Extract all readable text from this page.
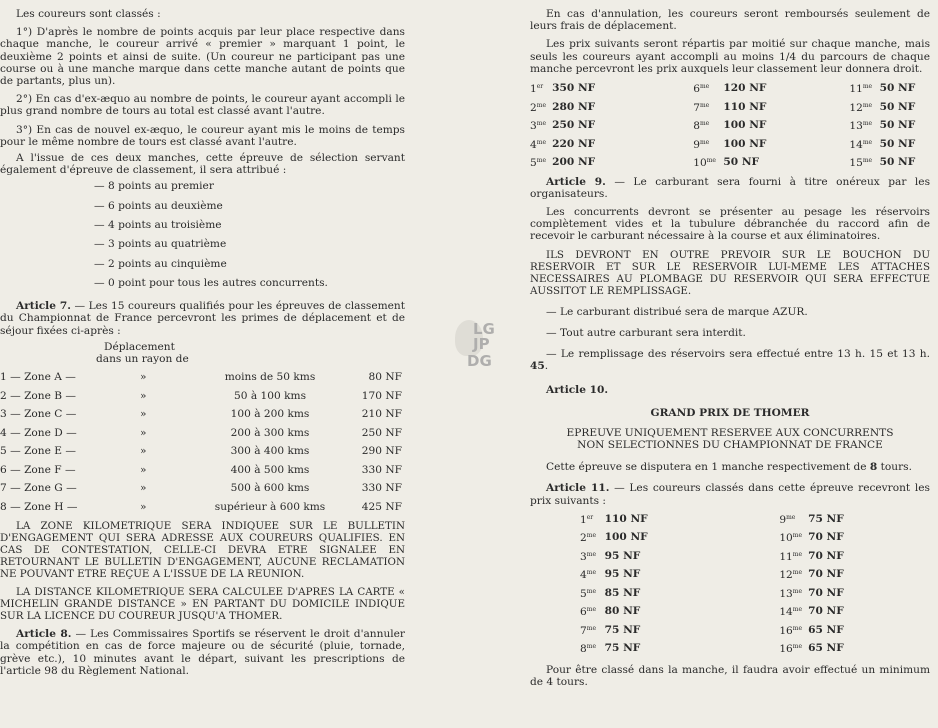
Les coureurs sont classés :

1°) D'après le nombre de points acquis par leur place respective dans chaque manche, le coureur arrivé « premier » marquant 1 point, le deuxième 2 points et ainsi de suite. (Un coureur ne participant pas une course ou à une manche marque dans cette manche autant de points que de partants, plus un).

2°) En cas d'ex-æquo au nombre de points, le coureur ayant accompli le plus grand nombre de tours au total est classé avant l'autre.

3°) En cas de nouvel ex-æquo, le coureur ayant mis le moins de temps pour le même nombre de tours est classé avant l'autre.

A l'issue de ces deux manches, cette épreuve de sélection servant également d'épreuve de classement, il sera attribué :

— 8 points au premier
— 6 points au deuxième
— 4 points au troisième
— 3 points au quatrième
— 2 points au cinquième
— 0 point pour tous les autres concurrents.

Article 7. — Les 15 coureurs qualifiés pour les épreuves de classement du Championnat de France percevront les primes de déplacement et de séjour fixées ci-après :

Déplacement
dans un rayon de
1 — Zone A —	»	moins de 50 kms	80 NF
2 — Zone B —	»	50 à 100 kms	170 NF
3 — Zone C —	»	100 à 200 kms	210 NF
4 — Zone D —	»	200 à 300 kms	250 NF
5 — Zone E —	»	300 à 400 kms	290 NF
6 — Zone F —	»	400 à 500 kms	330 NF
7 — Zone G —	»	500 à 600 kms	330 NF
8 — Zone H —	»	supérieur à 600 kms	425 NF

LA ZONE KILOMETRIQUE SERA INDIQUEE SUR LE BULLETIN D'ENGAGEMENT QUI SERA ADRESSE AUX COUREURS QUALIFIES. EN CAS DE CONTESTATION, CELLE-CI DEVRA ETRE SIGNALEE EN RETOURNANT LE BULLETIN D'ENGAGEMENT, AUCUNE RECLAMATION NE POUVANT ETRE REÇUE A L'ISSUE DE LA REUNION.

LA DISTANCE KILOMETRIQUE SERA CALCULEE D'APRES LA CARTE « MICHELIN GRANDE DISTANCE » EN PARTANT DU DOMICILE INDIQUE SUR LA LICENCE DU COUREUR JUSQU'A THOMER.

Article 8. — Les Commissaires Sportifs se réservent le droit d'annuler la compétition en cas de force majeure ou de sécurité (pluie, tornade, grève etc.), 10 minutes avant le départ, suivant les prescriptions de l'article 98 du Règlement National.

LG
JP
DG

En cas d'annulation, les coureurs seront remboursés seulement de leurs frais de déplacement.

Les prix suivants seront répartis par moitié sur chaque manche, mais seuls les coureurs ayant accompli au moins 1/4 du parcours de chaque manche percevront les prix auxquels leur classement leur donnera droit.

1er	350 NF	$6^{me}$	120 NF	$11^{me}$	50 NF
$2^{me}$	280 NF	$7^{me}$	110 NF	$12^{me}$	50 NF
$3^{me}$	250 NF	$8^{me}$	100 NF	$13^{me}$	50 NF
$4^{me}$	220 NF	$9^{me}$	100 NF	$14^{me}$	50 NF
$5^{me}$	200 NF	$10^{me}$	50 NF	$15^{me}$	50 NF

Article 9. — Le carburant sera fourni à titre onéreux par les organisateurs.

Les concurrents devront se présenter au pesage les réservoirs complètement vides et la tubulure débranchée du raccord afin de recevoir le carburant nécessaire à la course et aux éliminatoires.

ILS DEVRONT EN OUTRE PREVOIR SUR LE BOUCHON DU RESERVOIR ET SUR LE RESERVOIR LUI-MEME LES ATTACHES NECESSAIRES AU PLOMBAGE DU RESERVOIR QUI SERA EFFECTUE AUSSITOT LE REMPLISSAGE.

— Le carburant distribué sera de marque AZUR.

— Tout autre carburant sera interdit.

— Le remplissage des réservoirs sera effectué entre 13 h. 15 et 13 h. 45.

Article 10.

GRAND PRIX DE THOMER
EPREUVE UNIQUEMENT RESERVEE AUX CONCURRENTS
NON SELECTIONNES DU CHAMPIONNAT DE FRANCE

Cette épreuve se disputera en 1 manche respectivement de 8 tours.

Article 11. — Les coureurs classés dans cette épreuve recevront les prix suivants :

1er	110 NF	$9^{me}$	75 NF
$2^{me}$	100 NF	$10^{me}$	70 NF
$3^{me}$	95 NF	$11^{me}$	70 NF
$4^{me}$	95 NF	$12^{me}$	70 NF
$5^{me}$	85 NF	$13^{me}$	70 NF
$6^{me}$	80 NF	$14^{me}$	70 NF
$7^{me}$	75 NF	$16^{me}$	65 NF
$8^{me}$	75 NF	$16^{me}$	65 NF

Pour être classé dans la manche, il faudra avoir effectué un minimum de 4 tours.
